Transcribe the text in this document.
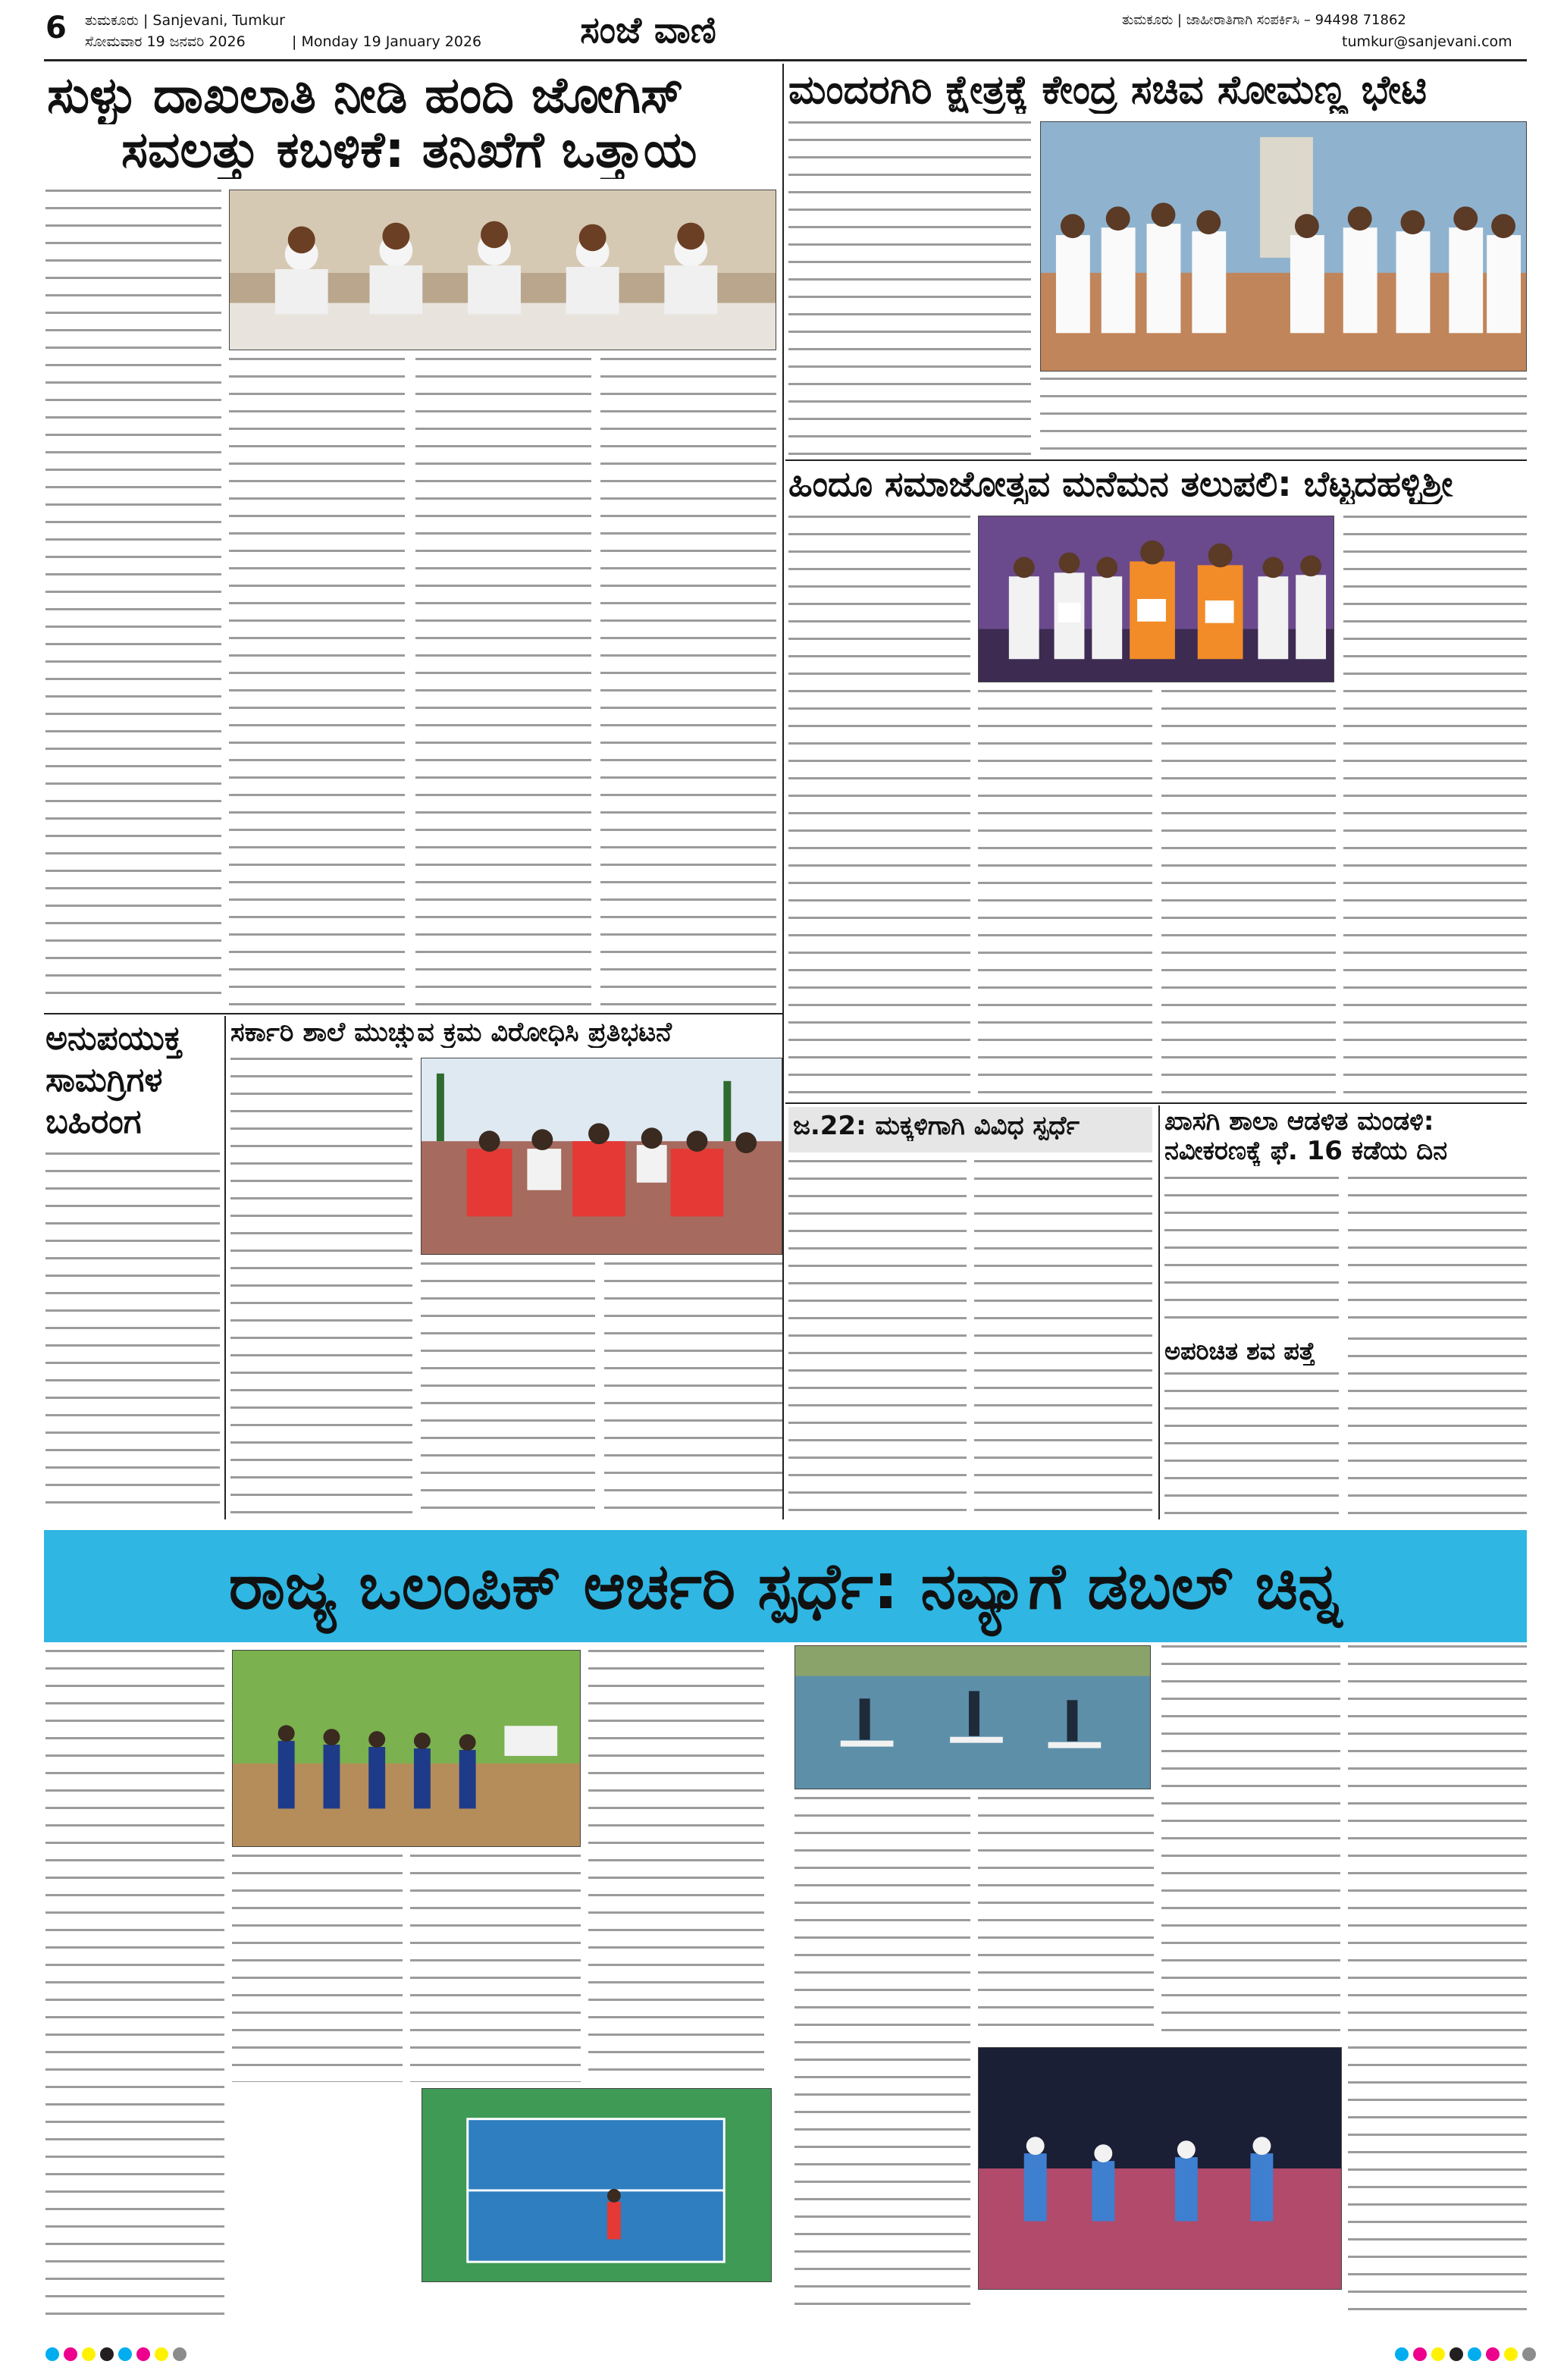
6 ತುಮಕೂರು | Sanjevani, Tumkur
ಸೋಮವಾರ 19 ಜನವರಿ 2026	| Monday 19 January 2026	ಸಂಜೆ ವಾಣಿ	ತುಮಕೂರು | ಜಾಹೀರಾತಿಗಾಗಿ ಸಂಪರ್ಕಿಸಿ – 94498 71862
tumkur@sanjevani.com
ಸುಳ್ಳು ದಾಖಲಾತಿ ನೀಡಿ ಹಂದಿ ಜೋಗಿಸ್
ಸವಲತ್ತು ಕಬಳಿಕೆ: ತನಿಖೆಗೆ ಒತ್ತಾಯ
ಮಂದರಗಿರಿ ಕ್ಷೇತ್ರಕ್ಕೆ ಕೇಂದ್ರ ಸಚಿವ ಸೋಮಣ್ಣ ಭೇಟಿ
ಹಿಂದೂ ಸಮಾಜೋತ್ಸವ ಮನೆಮನ ತಲುಪಲಿ: ಬೆಟ್ಟದಹಳ್ಳಿಶ್ರೀ
ಅನುಪಯುಕ್ತ ಸಾಮಗ್ರಿಗಳ ಬಹಿರಂಗ
ಸರ್ಕಾರಿ ಶಾಲೆ ಮುಚ್ಚುವ ಕ್ರಮ ವಿರೋಧಿಸಿ ಪ್ರತಿಭಟನೆ
ಜ.22: ಮಕ್ಕಳಿಗಾಗಿ ವಿವಿಧ ಸ್ಪರ್ಧೆ	ಖಾಸಗಿ ಶಾಲಾ ಆಡಳಿತ ಮಂಡಳಿ: ನವೀಕರಣಕ್ಕೆ ಫೆ. 16 ಕಡೆಯ ದಿನ
ಅಪರಿಚಿತ ಶವ ಪತ್ತೆ
ರಾಜ್ಯ ಒಲಂಪಿಕ್ ಆರ್ಚರಿ ಸ್ಪರ್ಧೆ: ನವ್ಯಾಗೆ ಡಬಲ್ ಚಿನ್ನ
